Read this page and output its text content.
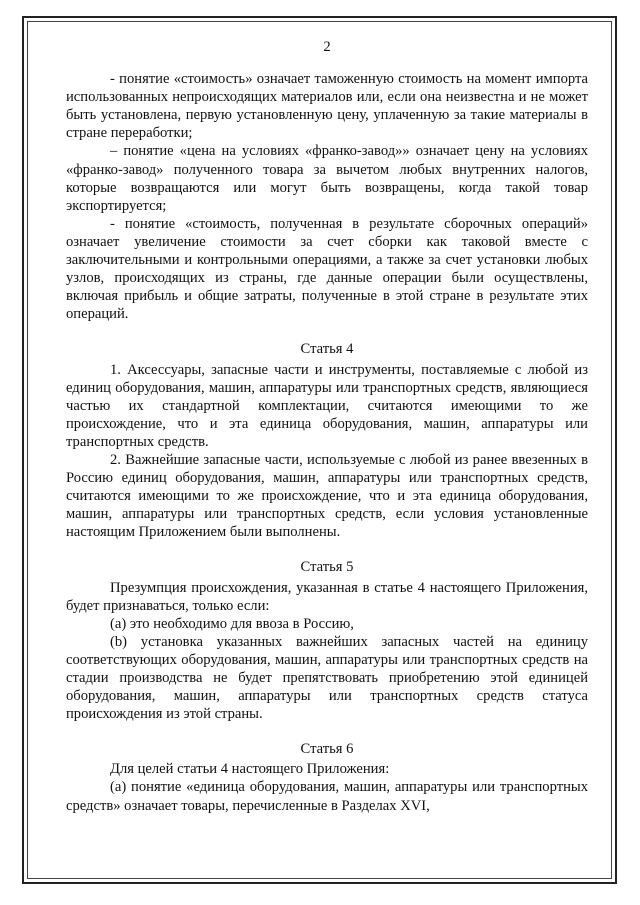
2

- понятие «стоимость» означает таможенную стоимость на момент импорта использованных непроисходящих материалов или, если она неизвестна и не может быть установлена, первую установленную цену, уплаченную за такие материалы в стране переработки;

– понятие «цена на условиях «франко-завод»» означает цену на условиях «франко-завод» полученного товара за вычетом любых внутренних налогов, которые возвращаются или могут быть возвращены, когда такой товар экспортируется;

- понятие «стоимость, полученная в результате сборочных операций» означает увеличение стоимости за счет сборки как таковой вместе с заключительными и контрольными операциями, а также за счет установки любых узлов, происходящих из страны, где данные операции были осуществлены, включая прибыль и общие затраты, полученные в этой стране в результате этих операций.

Статья 4

1. Аксессуары, запасные части и инструменты, поставляемые с любой из единиц оборудования, машин, аппаратуры или транспортных средств, являющиеся частью их стандартной комплектации, считаются имеющими то же происхождение, что и эта единица оборудования, машин, аппаратуры или транспортных средств.

2. Важнейшие запасные части, используемые с любой из ранее ввезенных в Россию единиц оборудования, машин, аппаратуры или транспортных средств, считаются имеющими то же происхождение, что и эта единица оборудования, машин, аппаратуры или транспортных средств, если условия установленные настоящим Приложением были выполнены.

Статья 5

Презумпция происхождения, указанная в статье 4 настоящего Приложения, будет признаваться, только если:

(a) это необходимо для ввоза в Россию,

(b) установка указанных важнейших запасных частей на единицу соответствующих оборудования, машин, аппаратуры или транспортных средств на стадии производства не будет препятствовать приобретению этой единицей оборудования, машин, аппаратуры или транспортных средств статуса происхождения из этой страны.

Статья 6

Для целей статьи 4 настоящего Приложения:

(a) понятие «единица оборудования, машин, аппаратуры или транспортных средств» означает товары, перечисленные в Разделах XVI,
